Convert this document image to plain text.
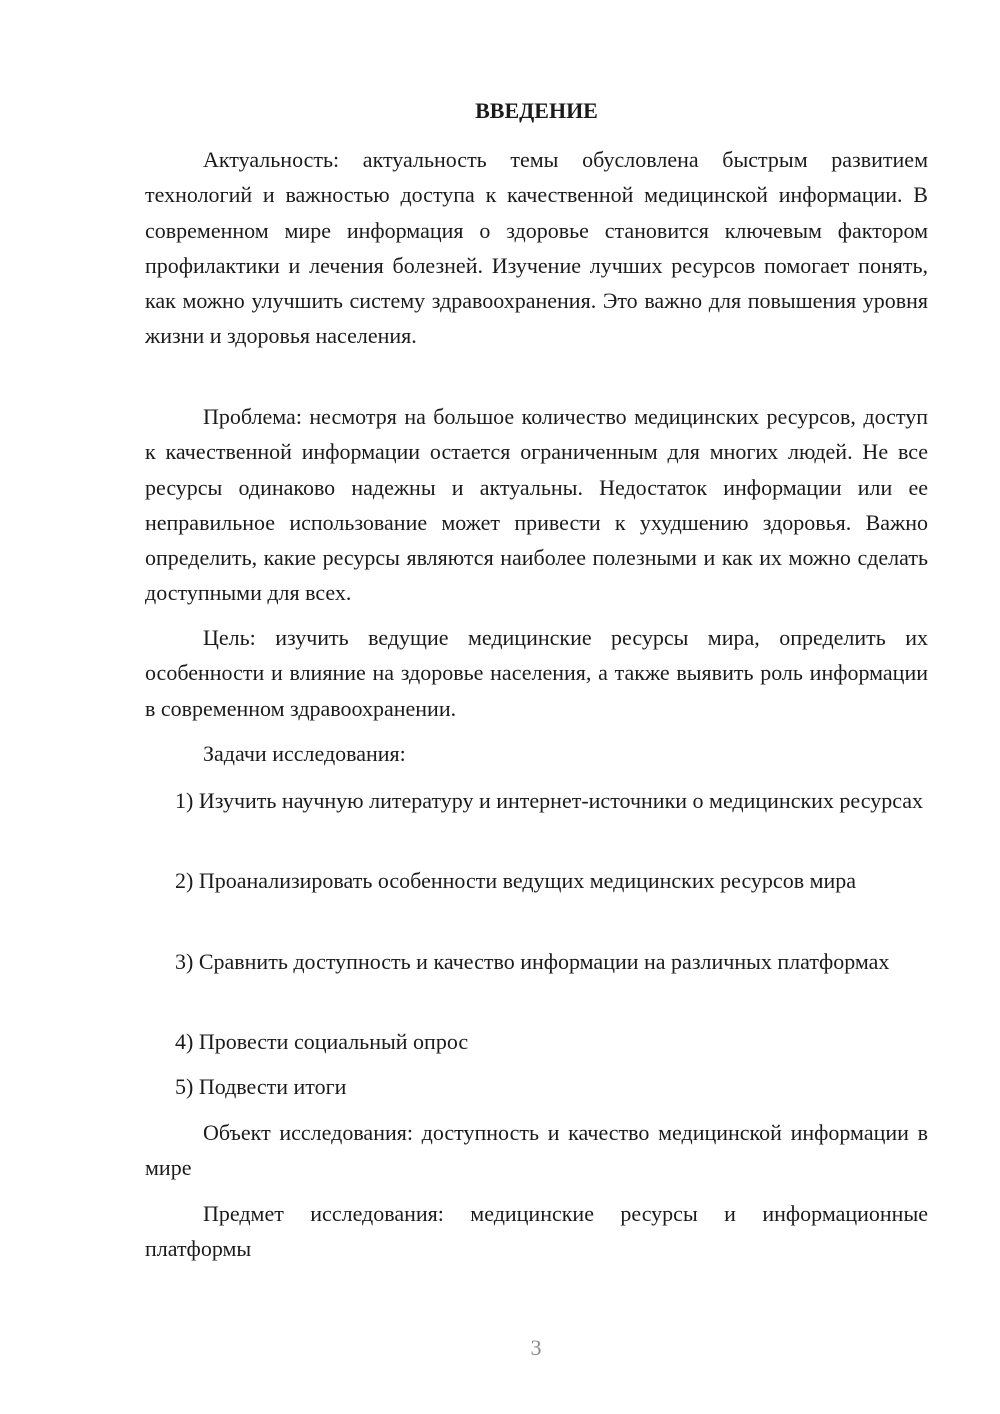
ВВЕДЕНИЕ

Актуальность: актуальность темы обусловлена быстрым развитием технологий и важностью доступа к качественной медицинской информации. В современном мире информация о здоровье становится ключевым фактором профилактики и лечения болезней. Изучение лучших ресурсов помогает понять, как можно улучшить систему здравоохранения. Это важно для повышения уровня жизни и здоровья населения.

Проблема: несмотря на большое количество медицинских ресурсов, доступ к качественной информации остается ограниченным для многих людей. Не все ресурсы одинаково надежны и актуальны. Недостаток информации или ее неправильное использование может привести к ухудшению здоровья. Важно определить, какие ресурсы являются наиболее полезными и как их можно сделать доступными для всех.

Цель: изучить ведущие медицинские ресурсы мира, определить их особенности и влияние на здоровье населения, а также выявить роль информации в современном здравоохранении.

Задачи исследования:

1) Изучить научную литературу и интернет-источники о медицинских ресурсах

2) Проанализировать особенности ведущих медицинских ресурсов мира

3) Сравнить доступность и качество информации на различных платформах

4) Провести социальный опрос

5) Подвести итоги

Объект исследования: доступность и качество медицинской информации в мире

Предмет исследования: медицинские ресурсы и информационные платформы

3
